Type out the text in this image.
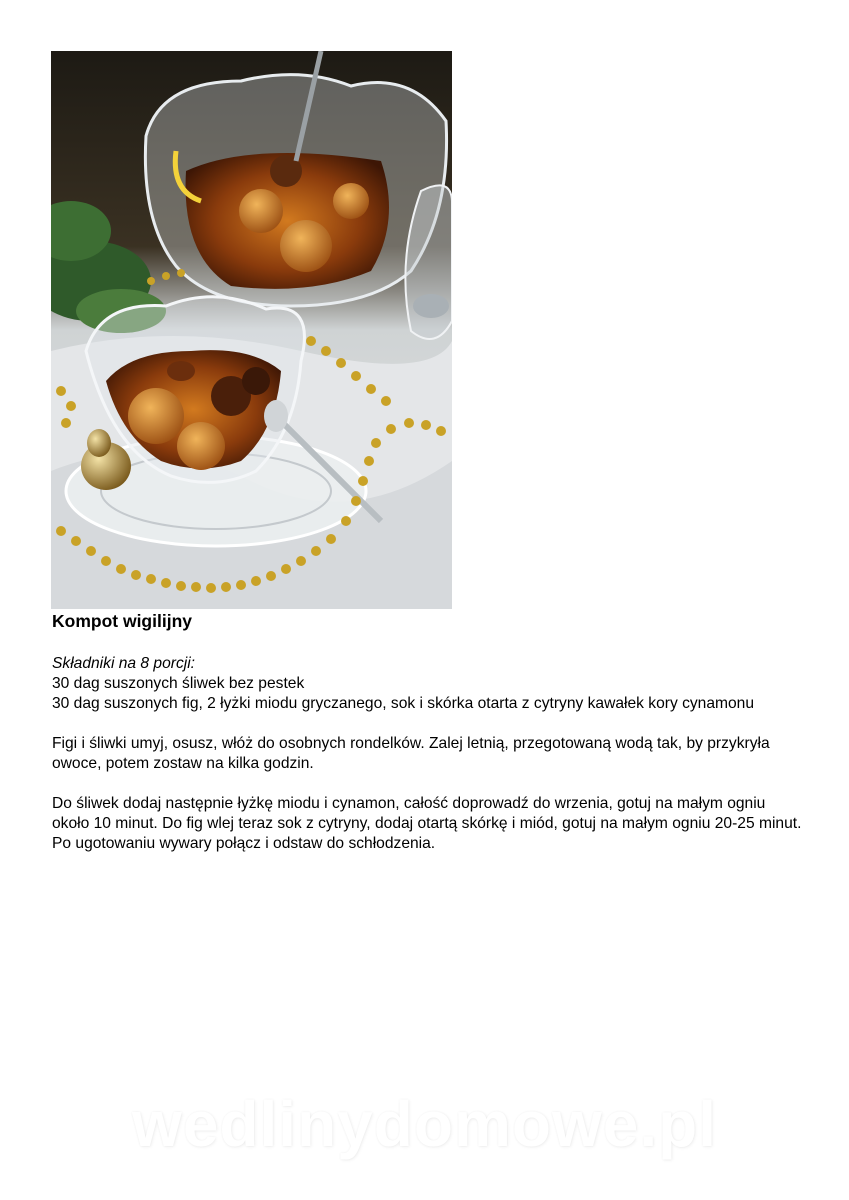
Kompot wigilijny

Składniki na 8 porcji:

30 dag suszonych śliwek bez pestek

30 dag suszonych fig, 2 łyżki miodu gryczanego, sok i skórka otarta z cytryny kawałek kory cynamonu

Figi i śliwki umyj, osusz, włóż do osobnych rondelków. Zalej letnią, przegotowaną wodą tak, by przykryła owoce, potem zostaw na kilka godzin.

Do śliwek dodaj następnie łyżkę miodu i cynamon, całość doprowadź do wrzenia, gotuj na małym ogniu około 10 minut. Do fig wlej teraz sok z cytryny, dodaj otartą skórkę i miód, gotuj na małym ogniu 20-25 minut. Po ugotowaniu wywary połącz i odstaw do schłodzenia.

wedlinydomowe.pl
